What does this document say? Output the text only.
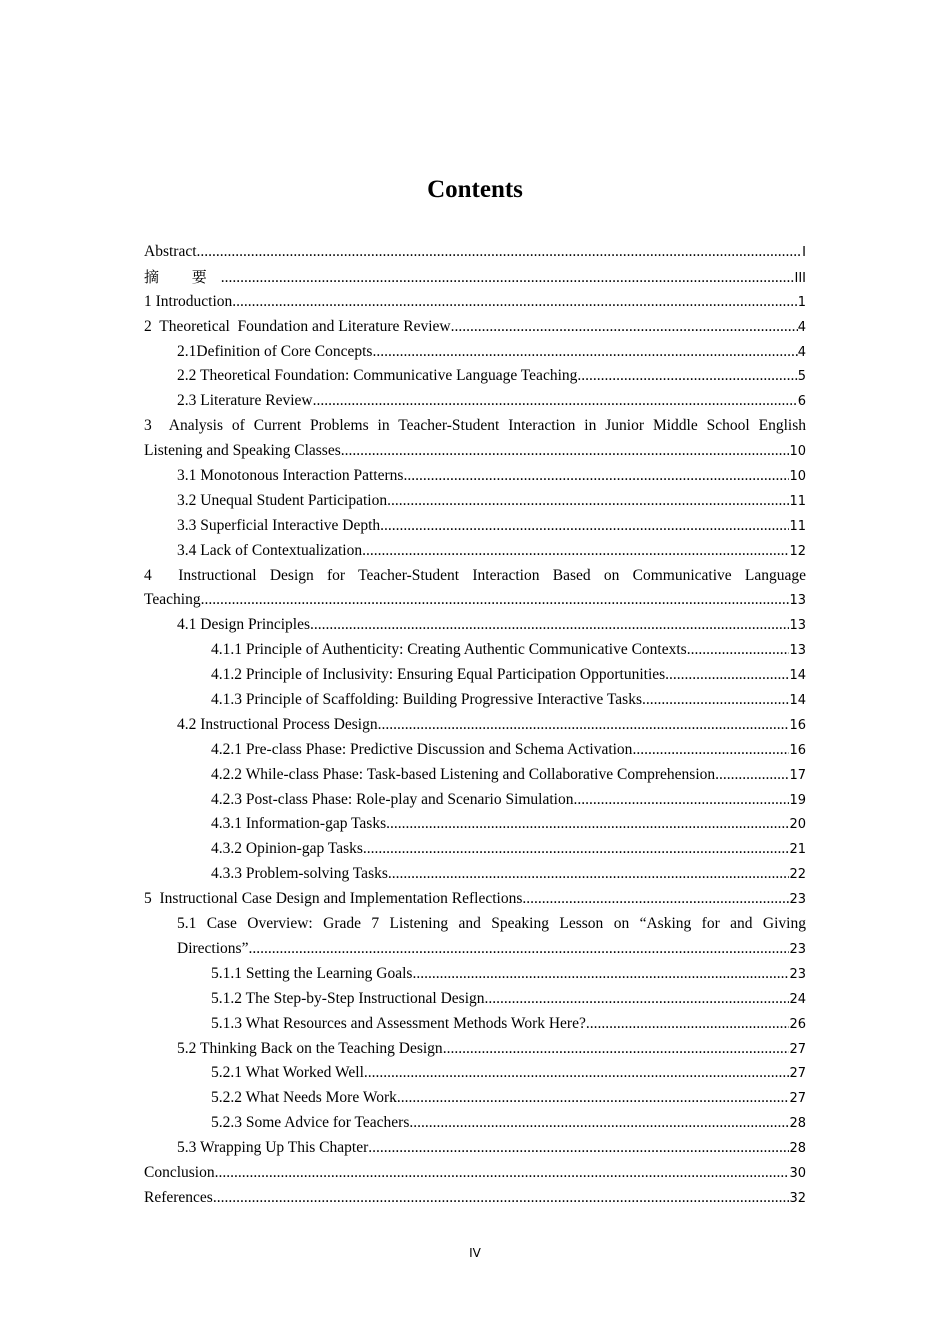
Contents
Abstract .....	I
摘 要 .....	III
1 Introduction .....	1
2  Theoretical  Foundation and Literature Review .....	4
2.1Definition of Core Concepts .....	4
2.2 Theoretical Foundation: Communicative Language Teaching .....	5
2.3 Literature Review .....	6
3  Analysis of Current Problems in Teacher-Student Interaction in Junior Middle School English
Listening and Speaking Classes .....	10
3.1 Monotonous Interaction Patterns .....	10
3.2 Unequal Student Participation .....	11
3.3 Superficial Interactive Depth .....	11
3.4 Lack of Contextualization .....	12
4  Instructional Design for Teacher-Student Interaction Based on Communicative Language
Teaching .....	13
4.1 Design Principles .....	13
4.1.1 Principle of Authenticity: Creating Authentic Communicative Contexts .....	13
4.1.2 Principle of Inclusivity: Ensuring Equal Participation Opportunities .....	14
4.1.3 Principle of Scaffolding: Building Progressive Interactive Tasks .....	14
4.2 Instructional Process Design .....	16
4.2.1 Pre-class Phase: Predictive Discussion and Schema Activation .....	16
4.2.2 While-class Phase: Task-based Listening and Collaborative Comprehension .....	17
4.2.3 Post-class Phase: Role-play and Scenario Simulation .....	19
4.3.1 Information-gap Tasks .....	20
4.3.2 Opinion-gap Tasks .....	21
4.3.3 Problem-solving Tasks .....	22
5  Instructional Case Design and Implementation Reflections .....	23
5.1 Case Overview: Grade 7 Listening and Speaking Lesson on “Asking for and Giving
Directions” .....	23
5.1.1 Setting the Learning Goals .....	23
5.1.2 The Step-by-Step Instructional Design .....	24
5.1.3 What Resources and Assessment Methods Work Here? .....	26
5.2 Thinking Back on the Teaching Design .....	27
5.2.1 What Worked Well .....	27
5.2.2 What Needs More Work .....	27
5.2.3 Some Advice for Teachers .....	28
5.3 Wrapping Up This Chapter .....	28
Conclusion .....	30
References .....	32
IV
